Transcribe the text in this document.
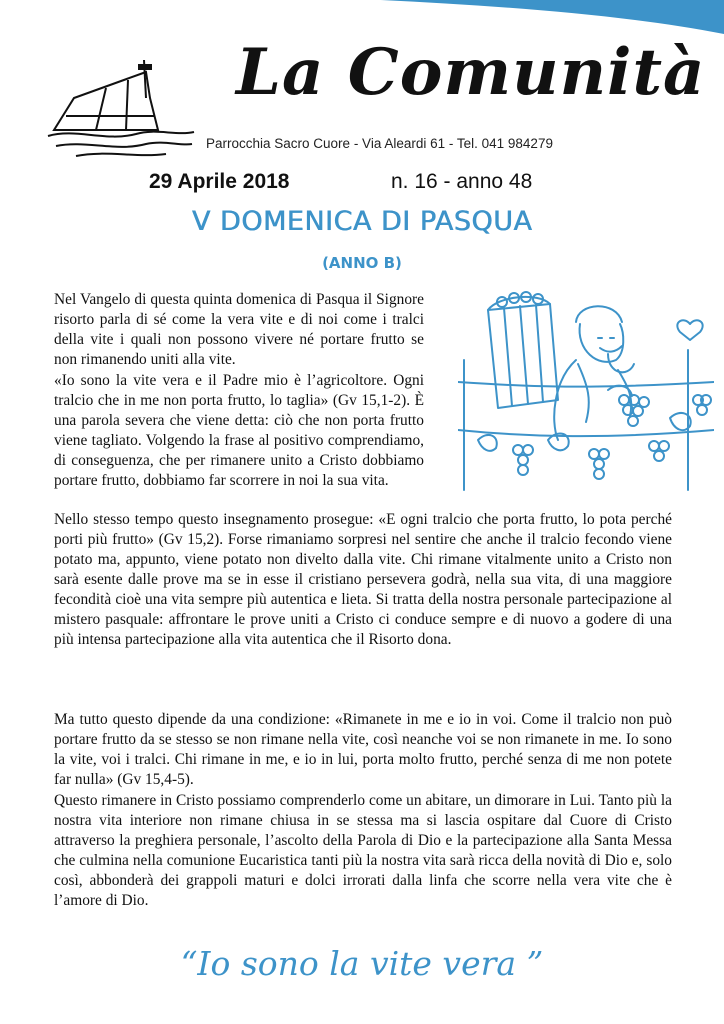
La Comunità
Parrocchia Sacro Cuore - Via Aleardi 61 - Tel. 041 984279
29 Aprile 2018	n. 16 - anno 48
V DOMENICA DI PASQUA
(ANNO B)

Nel Vangelo di questa quinta domenica di Pasqua il Signore risorto parla di sé come la vera vite e di noi come i tralci della vite i quali non possono vivere né portare frutto se non rimanendo uniti alla vite.

«Io sono la vite vera e il Padre mio è l’agricoltore. Ogni tralcio che in me non porta frutto, lo taglia» (Gv 15,1-2). È una parola severa che viene detta: ciò che non porta frutto viene tagliato. Volgendo la frase al positivo comprendiamo, di conseguenza, che per rimanere unito a Cristo dobbiamo portare frutto, dobbiamo far scorrere in noi la sua vita.

Nello stesso tempo questo insegnamento prosegue: «E ogni tralcio che porta frutto, lo pota perché porti più frutto» (Gv 15,2). Forse rimaniamo sorpresi nel sentire che anche il tralcio fecondo viene potato ma, appunto, viene potato non divelto dalla vite. Chi rimane vitalmente unito a Cristo non sarà esente dalle prove ma se in esse il cristiano persevera godrà, nella sua vita, di una maggiore fecondità cioè una vita sempre più autentica e lieta. Si tratta della nostra personale partecipazione al mistero pasquale: affrontare le prove uniti a Cristo ci conduce sempre e di nuovo a godere di una più intensa partecipazione alla vita autentica che il Risorto dona.

Ma tutto questo dipende da una condizione: «Rimanete in me e io in voi. Come il tralcio non può portare frutto da se stesso se non rimane nella vite, così neanche voi se non rimanete in me. Io sono la vite, voi i tralci. Chi rimane in me, e io in lui, porta molto frutto, perché senza di me non potete far nulla» (Gv 15,4-5).

Questo rimanere in Cristo possiamo comprenderlo come un abitare, un dimorare in Lui. Tanto più la nostra vita interiore non rimane chiusa in se stessa ma si lascia ospitare dal Cuore di Cristo attraverso la preghiera personale, l’ascolto della Parola di Dio e la partecipazione alla Santa Messa che culmina nella comunione Eucaristica tanti più la nostra vita sarà ricca della novità di Dio e, solo così, abbonderà dei grappoli maturi e dolci irrorati dalla linfa che scorre nella vera vite che è l’amore di Dio.

“Io sono la vite vera ”
